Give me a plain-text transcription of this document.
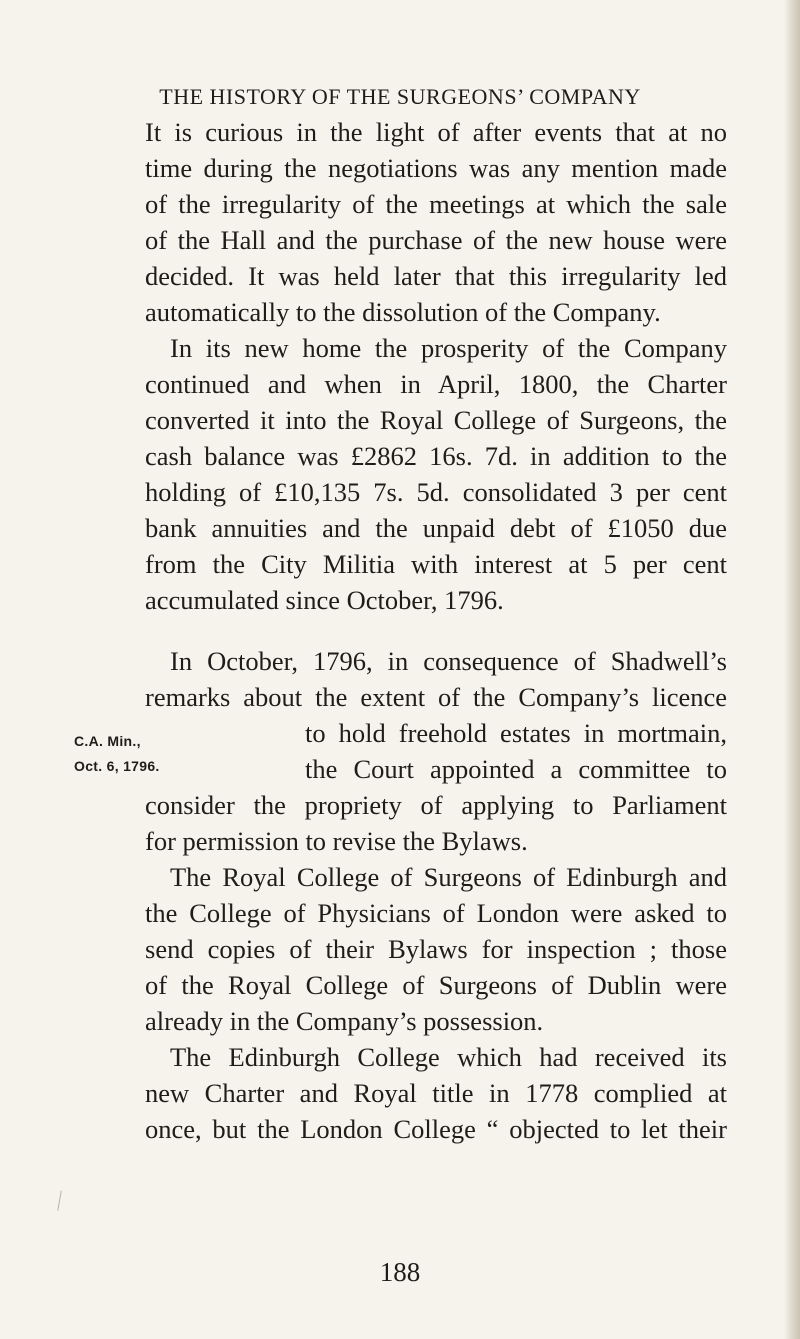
THE HISTORY OF THE SURGEONS’ COMPANY
It is curious in the light of after events that at no
time during the negotiations was any mention made
of the irregularity of the meetings at which the sale
of the Hall and the purchase of the new house were
decided. It was held later that this irregularity led
automatically to the dissolution of the Company.
In its new home the prosperity of the Company
continued and when in April, 1800, the Charter
converted it into the Royal College of Surgeons, the
cash balance was £2862 16s. 7d. in addition to the
holding of £10,135 7s. 5d. consolidated 3 per cent
bank annuities and the unpaid debt of £1050 due
from the City Militia with interest at 5 per cent
accumulated since October, 1796.
In October, 1796, in consequence of Shadwell’s
remarks about the extent of the Company’s licence
to hold freehold estates in mortmain,
the Court appointed a committee to
consider the propriety of applying to Parliament
for permission to revise the Bylaws.
The Royal College of Surgeons of Edinburgh and
the College of Physicians of London were asked to
send copies of their Bylaws for inspection ; those
of the Royal College of Surgeons of Dublin were
already in the Company’s possession.
The Edinburgh College which had received its
new Charter and Royal title in 1778 complied at
once, but the London College “ objected to let their
C.A. Min.,
Oct. 6, 1796.
188
